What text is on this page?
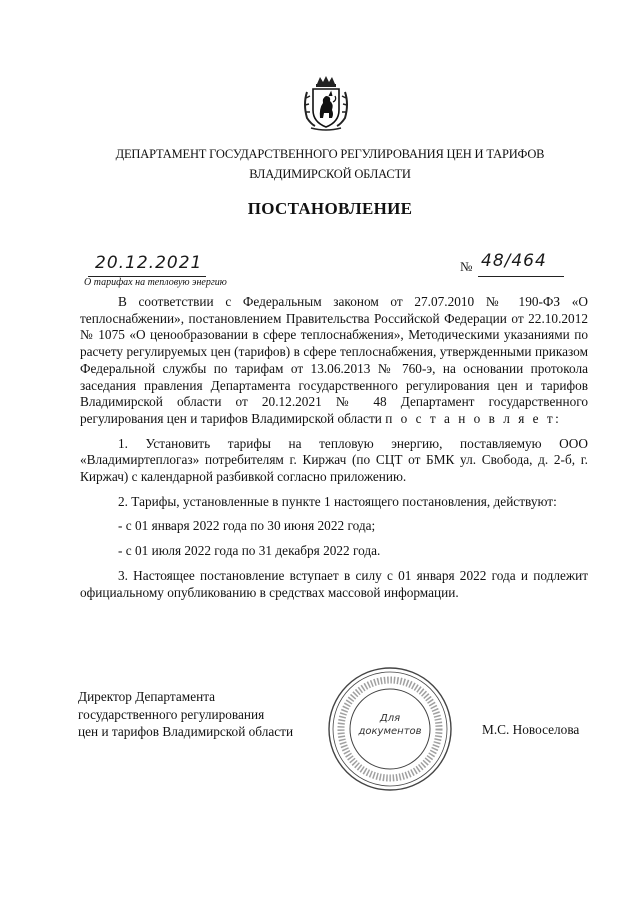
ДЕПАРТАМЕНТ ГОСУДАРСТВЕННОГО РЕГУЛИРОВАНИЯ ЦЕН И ТАРИФОВ
ВЛАДИМИРСКОЙ ОБЛАСТИ
ПОСТАНОВЛЕНИЕ
20.12.2021	№ 48/464
О тарифах на тепловую энергию

В соответствии с Федеральным законом от 27.07.2010 № 190-ФЗ «О теплоснабжении», постановлением Правительства Российской Федерации от 22.10.2012 № 1075 «О ценообразовании в сфере теплоснабжения», Методическими указаниями по расчету регулируемых цен (тарифов) в сфере теплоснабжения, утвержденными приказом Федеральной службы по тарифам от 13.06.2013 № 760-э, на основании протокола заседания правления Департамента государственного регулирования цен и тарифов Владимирской области от 20.12.2021 № 48 Департамент государственного регулирования цен и тарифов Владимирской области п о с т а н о в л я е т:

1. Установить тарифы на тепловую энергию, поставляемую ООО «Владимиртеплогаз» потребителям г. Киржач (по СЦТ от БМК ул. Свобода, д. 2-б, г. Киржач) с календарной разбивкой согласно приложению.

2. Тарифы, установленные в пункте 1 настоящего постановления, действуют:

- с 01 января 2022 года по 30 июня 2022 года;

- с 01 июля 2022 года по 31 декабря 2022 года.

3. Настоящее постановление вступает в силу с 01 января 2022 года и подлежит официальному опубликованию в средствах массовой информации.

Директор Департамента
государственного регулирования
цен и тарифов Владимирской области
Для
документов	М.С. Новоселова
